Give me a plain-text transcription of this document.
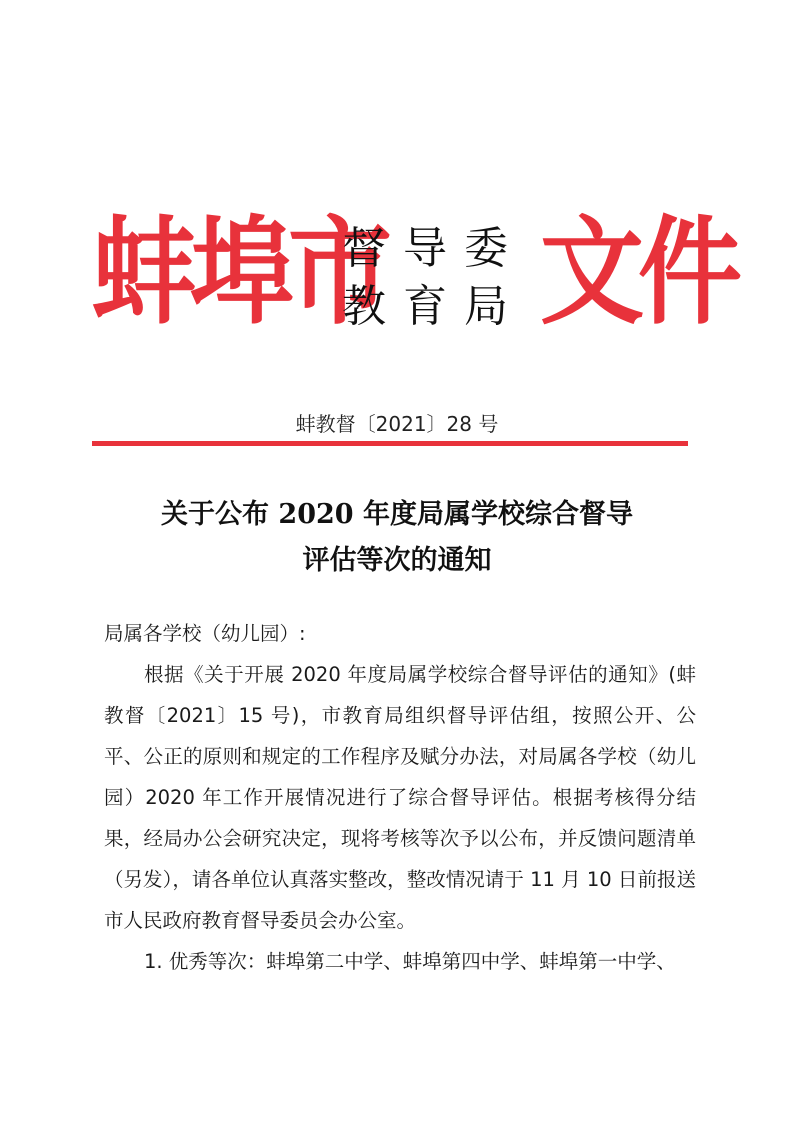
蚌埠市
督导委
教育局 文件
蚌教督〔2021〕28 号
关于公布 2020 年度局属学校综合督导
评估等次的通知

局属各学校（幼儿园）:

根据《关于开展 2020 年度局属学校综合督导评估的通知》(蚌教督〔2021〕15 号)，市教育局组织督导评估组，按照公开、公平、公正的原则和规定的工作程序及赋分办法，对局属各学校（幼儿园）2020 年工作开展情况进行了综合督导评估。根据考核得分结果，经局办公会研究决定，现将考核等次予以公布，并反馈问题清单（另发），请各单位认真落实整改，整改情况请于 11 月 10 日前报送市人民政府教育督导委员会办公室。

1. 优秀等次：蚌埠第二中学、蚌埠第四中学、蚌埠第一中学、
